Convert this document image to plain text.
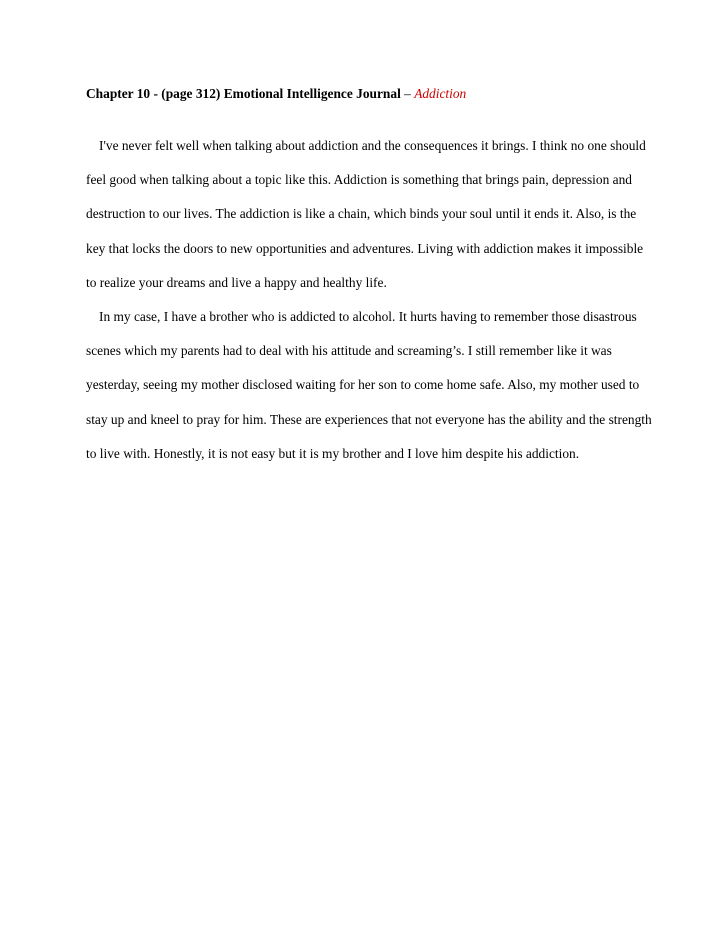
Chapter 10 - (page 312) Emotional Intelligence Journal – Addiction

I've never felt well when talking about addiction and the consequences it brings. I think no one should feel good when talking about a topic like this. Addiction is something that brings pain, depression and destruction to our lives. The addiction is like a chain, which binds your soul until it ends it. Also, is the key that locks the doors to new opportunities and adventures. Living with addiction makes it impossible to realize your dreams and live a happy and healthy life.

In my case, I have a brother who is addicted to alcohol. It hurts having to remember those disastrous scenes which my parents had to deal with his attitude and screaming’s. I still remember like it was yesterday, seeing my mother disclosed waiting for her son to come home safe. Also, my mother used to stay up and kneel to pray for him. These are experiences that not everyone has the ability and the strength to live with. Honestly, it is not easy but it is my brother and I love him despite his addiction.
